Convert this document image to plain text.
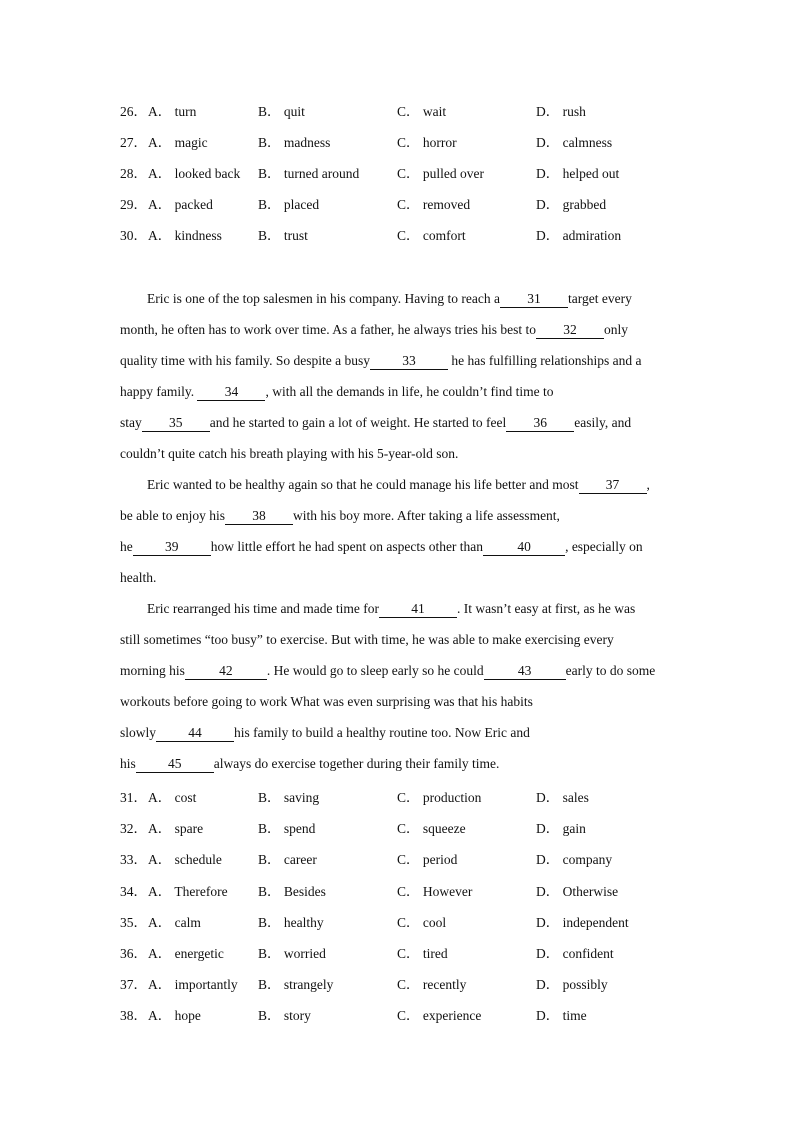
26． A． turn	B． quit	C． wait	D． rush
27． A． magic	B． madness	C． horror	D． calmness
28． A． looked back B． turned around	C． pulled over	D． helped out
29． A． packed	B． placed	C． removed	D． grabbed
30． A． kindness	B． trust	C． comfort	D． admiration
Eric is one of the top salesmen in his company. Having to reach a 31 target every
month, he often has to work over time. As a father, he always tries his best to 32 only
quality time with his family. So despite a busy 33 he has fulfilling relationships and a
happy family. 34 , with all the demands in life, he couldn’t find time to
stay 35 and he started to gain a lot of weight. He started to feel 36 easily, and
couldn’t quite catch his breath playing with his 5-year-old son.
Eric wanted to be healthy again so that he could manage his life better and most 37 ,
be able to enjoy his 38 with his boy more. After taking a life assessment,
he 39 how little effort he had spent on aspects other than	40	, especially on
health.
Eric rearranged his time and made time for 41 . It wasn’t easy at first, as he was
still sometimes “too busy” to exercise. But with time, he was able to make exercising every
morning his	42	. He would go to sleep early so he could	43	early to do some
workouts before going to work What was even surprising was that his habits
slowly 44 his family to build a healthy routine too. Now Eric and
his 45 always do exercise together during their family time.
31． A． cost	B． saving	C． production	D． sales
32． A． spare	B． spend	C． squeeze	D． gain
33． A． schedule	B． career	C． period	D． company
34． A． Therefore B． Besides	C． However	D． Otherwise
35． A． calm	B． healthy	C． cool	D． independent
36． A． energetic	B． worried	C． tired	D． confident
37． A． importantly B． strangely	C． recently	D． possibly
38． A． hope	B． story	C． experience	D． time
